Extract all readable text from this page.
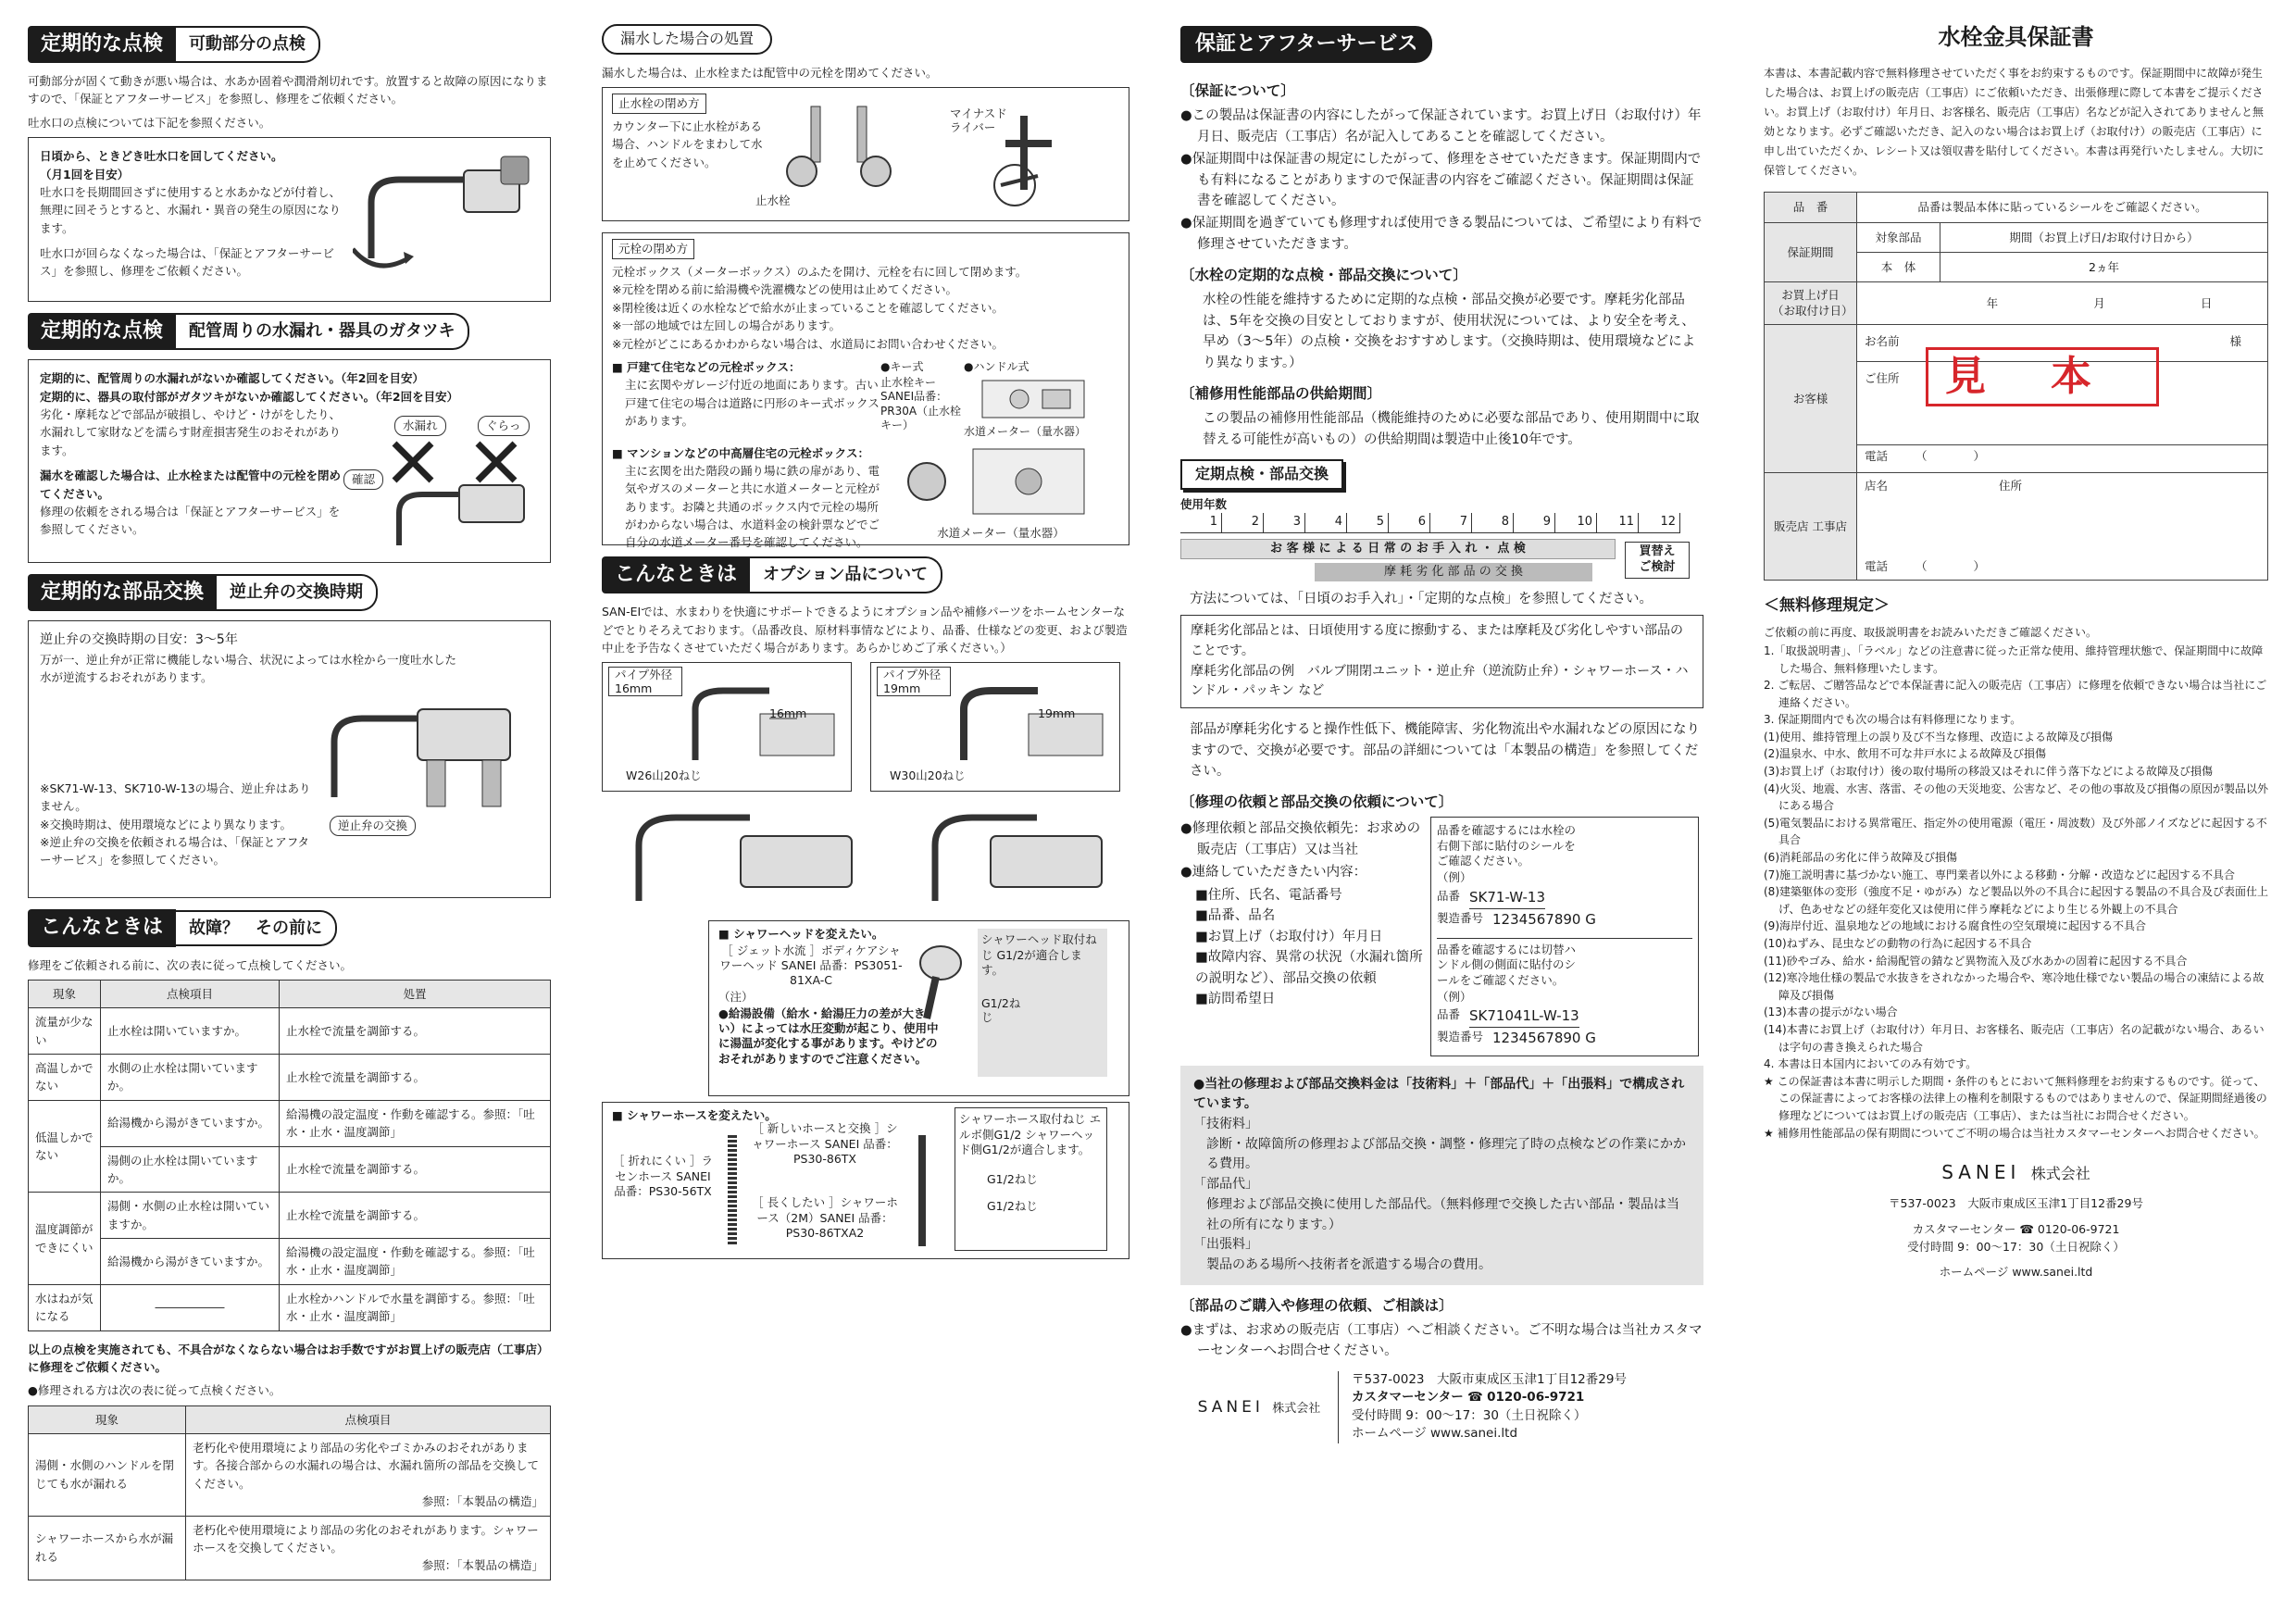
定期的な点検	可動部分の点検
可動部分が固くて動きが悪い場合は、水あか固着や潤滑剤切れです。放置すると故障の原因になりますので、「保証とアフターサービス」を参照し、修理をご依頼ください。
吐水口の点検については下記を参照ください。
日頃から、ときどき吐水口を回してください。
（月1回を目安）
吐水口を長期間回さずに使用すると水あかなどが付着し、無理に回そうとすると、水漏れ・異音の発生の原因になります。
吐水口が回らなくなった場合は、「保証とアフターサービス」を参照し、修理をご依頼ください。
定期的な点検	配管周りの水漏れ・器具のガタツキ
定期的に、配管周りの水漏れがないか確認してください。（年2回を目安）
定期的に、器具の取付部がガタツキがないか確認してください。（年2回を目安）
劣化・摩耗などで部品が破損し、やけど・けがをしたり、水漏れして家財などを濡らす財産損害発生のおそれがあります。
漏水を確認した場合は、止水栓または配管中の元栓を閉めてください。
修理の依頼をされる場合は「保証とアフターサービス」を参照してください。
水漏れ	ぐらっ
確認
定期的な部品交換	逆止弁の交換時期
逆止弁の交換時期の目安：3～5年
万が一、逆止弁が正常に機能しない場合、状況によっては水栓から一度吐水した水が逆流するおそれがあります。
※SK71-W-13、SK710-W-13の場合、逆止弁はありません。
※交換時期は、使用環境などにより異なります。
※逆止弁の交換を依頼される場合は、「保証とアフターサービス」を参照してください。
逆止弁の交換
こんなときは	故障？　その前に
修理をご依頼される前に、次の表に従って点検してください。
現象	点検項目	処置
流量が少ない	止水栓は開いていますか。	止水栓で流量を調節する。
高温しかでない	水側の止水栓は開いていますか。	止水栓で流量を調節する。
低温しかでない	給湯機から湯がきていますか。	給湯機の設定温度・作動を確認する。参照：「吐水・止水・温度調節」
	湯側の止水栓は開いていますか。	止水栓で流量を調節する。
温度調節ができにくい	湯側・水側の止水栓は開いていますか。	止水栓で流量を調節する。
	給湯機から湯がきていますか。	給湯機の設定温度・作動を確認する。参照：「吐水・止水・温度調節」
水はねが気になる	――――――	止水栓かハンドルで水量を調節する。参照：「吐水・止水・温度調節」
以上の点検を実施されても、不具合がなくならない場合はお手数ですがお買上げの販売店（工事店）に修理をご依頼ください。
●修理される方は次の表に従って点検ください。
現象	点検項目
湯側・水側のハンドルを閉じても水が漏れる	老朽化や使用環境により部品の劣化やゴミかみのおそれがあります。各接合部からの水漏れの場合は、水漏れ箇所の部品を交換してください。
参照：「本製品の構造」

シャワーホースから水が漏れる	老朽化や使用環境により部品の劣化のおそれがあります。シャワーホースを交換してください。
参照：「本製品の構造」
漏水した場合の処置
漏水した場合は、止水栓または配管中の元栓を閉めてください。
止水栓の閉め方
カウンター下に止水栓がある場合、ハンドルをまわして水を止めてください。
止水栓
マイナスドライバー
元栓の閉め方
元栓ボックス（メーターボックス）のふたを開け、元栓を右に回して閉めます。
※元栓を閉める前に給湯機や洗濯機などの使用は止めてください。
※閉栓後は近くの水栓などで給水が止まっていることを確認してください。
※一部の地域では左回しの場合があります。
※元栓がどこにあるかわからない場合は、水道局にお問い合わせください。
■ 戸建て住宅などの元栓ボックス：
主に玄関やガレージ付近の地面にあります。古い戸建て住宅の場合は道路に円形のキー式ボックスがあります。
●キー式
止水栓キー SANEI品番：PR30A（止水栓キー）
●ハンドル式
水道メーター（量水器）
■ マンションなどの中高層住宅の元栓ボックス：
主に玄関を出た階段の踊り場に鉄の扉があり、電気やガスのメーターと共に水道メーターと元栓があります。お隣と共通のボックス内で元栓の場所がわからない場合は、水道料金の検針票などでご自分の水道メーター番号を確認してください。
水道メーター（量水器）
こんなときは	オプション品について
SAN-EIでは、水まわりを快適にサポートできるようにオプション品や補修パーツをホームセンターなどでとりそろえております。（品番改良、原材料事情などにより、品番、仕様などの変更、および製造中止を予告なくさせていただく場合があります。あらかじめご了承ください。）
パイプ外径16mm
16mm
W26山20ねじ
パイプ外径19mm
19mm
W30山20ねじ
■ シャワーヘッドを変えたい。
［ ジェット水流 ］ボディケアシャワーヘッド SANEI 品番：PS3051-81XA-C
（注）
●給湯設備（給水・給湯圧力の差が大きい）によっては水圧変動が起こり、使用中に湯温が変化する事があります。やけどのおそれがありますのでご注意ください。
シャワーヘッド取付ねじ G1/2が適合します。
G1/2ねじ
■ シャワーホースを変えたい。
［ 新しいホースと交換 ］シャワーホース SANEI 品番：PS30-86TX
［ 折れにくい ］ラセンホース SANEI 品番：PS30-56TX
［ 長くしたい ］シャワーホース（2M）SANEI 品番：PS30-86TXA2
シャワーホース取付ねじ エルボ側G1/2 シャワーヘッド側G1/2が適合します。
G1/2ねじ
G1/2ねじ
保証とアフターサービス
〔保証について〕
●この製品は保証書の内容にしたがって保証されています。お買上げ日（お取付け）年月日、販売店（工事店）名が記入してあることを確認してください。
●保証期間中は保証書の規定にしたがって、修理をさせていただきます。保証期間内でも有料になることがありますので保証書の内容をご確認ください。保証期間は保証書を確認してください。
●保証期間を過ぎていても修理すれば使用できる製品については、ご希望により有料で修理させていただきます。
〔水栓の定期的な点検・部品交換について〕
水栓の性能を維持するために定期的な点検・部品交換が必要です。摩耗劣化部品は、5年を交換の目安としておりますが、使用状況については、より安全を考え、早め（3～5年）の点検・交換をおすすめします。（交換時期は、使用環境などにより異なります。）
〔補修用性能部品の供給期間〕
この製品の補修用性能部品（機能維持のために必要な部品であり、使用期間中に取替える可能性が高いもの）の供給期間は製造中止後10年です。
定期点検・部品交換
使用年数
1	2	3	4	5	6	7	8	9	10	11	12
お 客 様 に よ る 日 常 の お 手 入 れ ・ 点 検
摩 耗 劣 化 部 品 の 交 換
買替え ご検討
方法については、「日頃のお手入れ」・「定期的な点検」を参照してください。
摩耗劣化部品とは、日頃使用する度に擦動する、または摩耗及び劣化しやすい部品のことです。
摩耗劣化部品の例　バルブ開閉ユニット・逆止弁（逆流防止弁）・シャワーホース・ハンドル・パッキン など
部品が摩耗劣化すると操作性低下、機能障害、劣化物流出や水漏れなどの原因になりますので、交換が必要です。部品の詳細については「本製品の構造」を参照してください。
〔修理の依頼と部品交換の依頼について〕
●修理依頼と部品交換依頼先：お求めの販売店（工事店）又は当社
●連絡していただきたい内容：
■住所、氏名、電話番号
■品番、品名
■お買上げ（お取付け）年月日
■故障内容、異常の状況（水漏れ箇所の説明など）、部品交換の依頼
■訪問希望日
品番を確認するには水栓の右側下部に貼付のシールをご確認ください。
（例）
品番 SK71-W-13
製造番号 1234567890 G
品番を確認するには切替ハンドル側の側面に貼付のシールをご確認ください。
（例）
品番 SK71041L-W-13
製造番号 1234567890 G
●当社の修理および部品交換料金は「技術料」＋「部品代」＋「出張料」で構成されています。
「技術料」
診断・故障箇所の修理および部品交換・調整・修理完了時の点検などの作業にかかる費用。
「部品代」
修理および部品交換に使用した部品代。（無料修理で交換した古い部品・製品は当社の所有になります。）
「出張料」
製品のある場所へ技術者を派遣する場合の費用。
〔部品のご購入や修理の依頼、ご相談は〕
●まずは、お求めの販売店（工事店）へご相談ください。ご不明な場合は当社カスタマーセンターへお問合せください。
SANEI 株式会社
〒537-0023　大阪市東成区玉津1丁目12番29号
カスタマーセンター ☎ 0120-06-9721
受付時間 9：00～17：30（土日祝除く）
ホームページ www.sanei.ltd
水栓金具保証書
本書は、本書記載内容で無料修理させていただく事をお約束するものです。保証期間中に故障が発生した場合は、お買上げの販売店（工事店）にご依頼いただき、出張修理に際して本書をご提示ください。お買上げ（お取付け）年月日、お客様名、販売店（工事店）名などが記入されてありませんと無効となります。必ずご確認いただき、記入のない場合はお買上げ（お取付け）の販売店（工事店）に申し出ていただくか、レシート又は領収書を貼付してください。本書は再発行いたしません。大切に保管してください。
品　番	品番は製品本体に貼っているシールをご確認ください。	
保証期間	対象部品	期間（お買上げ日/お取付け日から）
	本　体	2ヵ年
お買上げ日（お取付け日）	年 月 日	

お客様	お名前 様
ご住所
電話 （　　　　）	

販売店 工事店	店名 住所
電話 （　　　　）	
見本
＜無料修理規定＞
ご依頼の前に再度、取扱説明書をお読みいただきご確認ください。
1.「取扱説明書」、「ラベル」などの注意書に従った正常な使用、維持管理状態で、保証期間中に故障した場合、無料修理いたします。
2. ご転居、ご贈答品などで本保証書に記入の販売店（工事店）に修理を依頼できない場合は当社にご連絡ください。
3. 保証期間内でも次の場合は有料修理になります。
(1)使用、維持管理上の誤り及び不当な修理、改造による故障及び損傷
(2)温泉水、中水、飲用不可な井戸水による故障及び損傷
(3)お買上げ（お取付け）後の取付場所の移設又はそれに伴う落下などによる故障及び損傷
(4)火災、地震、水害、落雷、その他の天災地変、公害など、その他の事故及び損傷の原因が製品以外にある場合
(5)電気製品における異常電圧、指定外の使用電源（電圧・周波数）及び外部ノイズなどに起因する不具合
(6)消耗部品の劣化に伴う故障及び損傷
(7)施工説明書に基づかない施工、専門業者以外による移動・分解・改造などに起因する不具合
(8)建築躯体の変形（強度不足・ゆがみ）など製品以外の不具合に起因する製品の不具合及び表面仕上げ、色あせなどの経年変化又は使用に伴う摩耗などにより生じる外観上の不具合
(9)海岸付近、温泉地などの地域における腐食性の空気環境に起因する不具合
(10)ねずみ、昆虫などの動物の行為に起因する不具合
(11)砂やゴみ、給水・給湯配管の錆など異物流入及び水あかの固着に起因する不具合
(12)寒冷地仕様の製品で水抜きをされなかった場合や、寒冷地仕様でない製品の場合の凍結による故障及び損傷
(13)本書の提示がない場合
(14)本書にお買上げ（お取付け）年月日、お客様名、販売店（工事店）名の記載がない場合、あるいは字句の書き換えられた場合
4. 本書は日本国内においてのみ有効です。
★ この保証書は本書に明示した期間・条件のもとにおいて無料修理をお約束するものです。従って、この保証書によってお客様の法律上の権利を制限するものではありませんので、保証期間経過後の修理などについてはお買上げの販売店（工事店）、または当社にお問合せください。
★ 補修用性能部品の保有期間についてご不明の場合は当社カスタマーセンターへお問合せください。
SANEI 株式会社
〒537-0023　大阪市東成区玉津1丁目12番29号
カスタマーセンター ☎ 0120-06-9721
受付時間 9：00～17：30（土日祝除く）
ホームページ www.sanei.ltd
